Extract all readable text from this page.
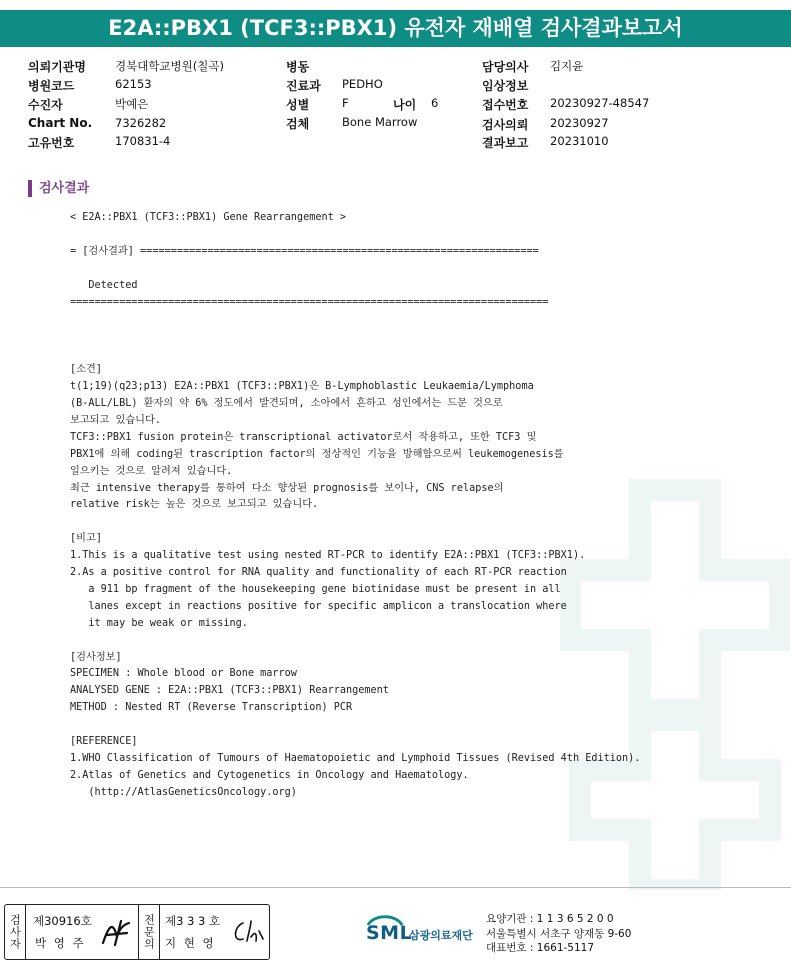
E2A::PBX1 (TCF3::PBX1) 유전자 재배열 검사결과보고서
의뢰기관명	경북대학교병원(칠곡)
병원코드	62153
수진자	박예은
Chart No. 7326282
고유번호	170831-4
병동
진료과 PEDHO
성별	F	나이 6
검체	Bone Marrow
담당의사 김지윤
임상정보
접수번호 20230927-48547
검사의뢰 20230927
결과보고 20231010
검사결과
< E2A::PBX1 (TCF3::PBX1) Gene Rearrangement >

= [검사결과] =================================================================

Detected
==============================================================================

[소견]
t(1;19)(q23;p13) E2A::PBX1 (TCF3::PBX1)은 B-Lymphoblastic Leukaemia/Lymphoma
(B-ALL/LBL) 환자의 약 6% 정도에서 발견되며, 소아에서 흔하고 성인에서는 드문 것으로
보고되고 있습니다.
TCF3::PBX1 fusion protein은 transcriptional activator로서 작용하고, 또한 TCF3 및
PBX1에 의해 coding된 trascription factor의 정상적인 기능을 방해함으로써 leukemogenesis를
일으키는 것으로 알려져 있습니다.
최근 intensive therapy를 통하여 다소 향상된 prognosis를 보이나, CNS relapse의
relative risk는 높은 것으로 보고되고 있습니다.

[비고]
1.This is a qualitative test using nested RT-PCR to identify E2A::PBX1 (TCF3::PBX1).
2.As a positive control for RNA quality and functionality of each RT-PCR reaction
a 911 bp fragment of the housekeeping gene biotinidase must be present in all
lanes except in reactions positive for specific amplicon a translocation where
it may be weak or missing.

[검사정보]
SPECIMEN : Whole blood or Bone marrow
ANALYSED GENE : E2A::PBX1 (TCF3::PBX1) Rearrangement
METHOD : Nested RT (Reverse Transcription) PCR

[REFERENCE]
1.WHO Classification of Tumours of Haematopoietic and Lymphoid Tissues (Revised 4th Edition).
2.Atlas of Genetics and Cytogenetics in Oncology and Haematology.
(http://AtlasGeneticsOncology.org)
검사자	제30916호
박 영 주	전문의 제3 3 3 호
지 현 영	SML
삼광의료재단
요양기관 : 1 1 3 6 5 2 0 0
서울특별시 서초구 양재동 9-60
대표번호 : 1661-5117
